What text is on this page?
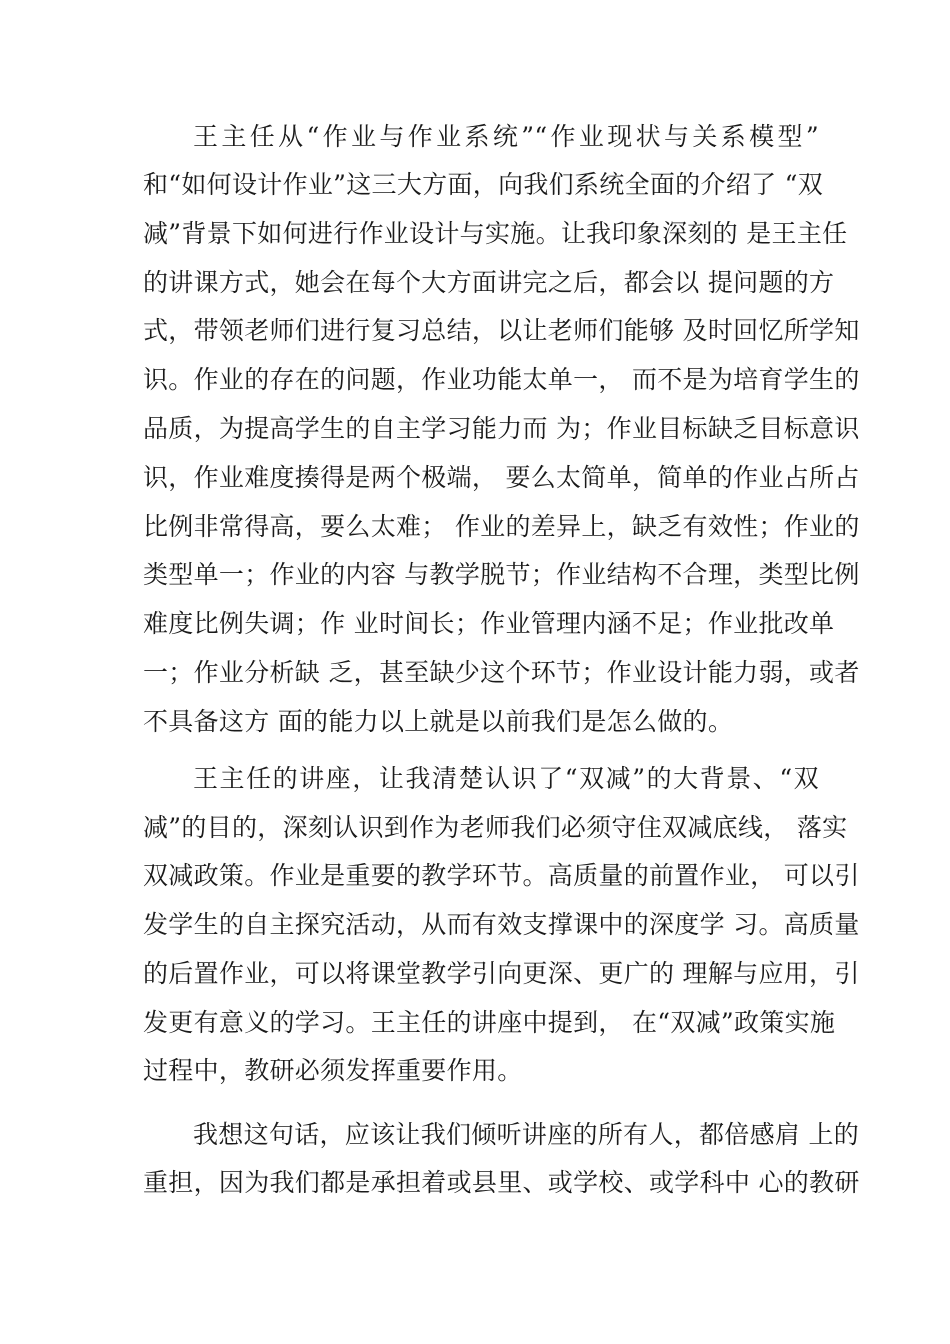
王主任从“作业与作业系统”“作业现状与关系模型”
和“如何设计作业”这三大方面，向我们系统全面的介绍了 “双
减”背景下如何进行作业设计与实施。让我印象深刻的 是王主任
的讲课方式，她会在每个大方面讲完之后，都会以 提问题的方
式，带领老师们进行复习总结，以让老师们能够 及时回忆所学知
识。作业的存在的问题，作业功能太单一， 而不是为培育学生的
品质，为提高学生的自主学习能力而 为；作业目标缺乏目标意识
识，作业难度揍得是两个极端， 要么太简单，简单的作业占所占
比例非常得高，要么太难； 作业的差异上，缺乏有效性；作业的
类型单一；作业的内容 与教学脱节；作业结构不合理，类型比例
难度比例失调；作 业时间长；作业管理内涵不足；作业批改单
一；作业分析缺 乏，甚至缺少这个环节；作业设计能力弱，或者
不具备这方 面的能力以上就是以前我们是怎么做的。
王主任的讲座，让我清楚认识了“双减”的大背景、“双
减”的目的，深刻认识到作为老师我们必须守住双减底线， 落实
双减政策。作业是重要的教学环节。高质量的前置作业， 可以引
发学生的自主探究活动，从而有效支撑课中的深度学 习。高质量
的后置作业，可以将课堂教学引向更深、更广的 理解与应用，引
发更有意义的学习。王主任的讲座中提到， 在“双减”政策实施
过程中，教研必须发挥重要作用。
我想这句话，应该让我们倾听讲座的所有人，都倍感肩 上的
重担，因为我们都是承担着或县里、或学校、或学科中 心的教研
